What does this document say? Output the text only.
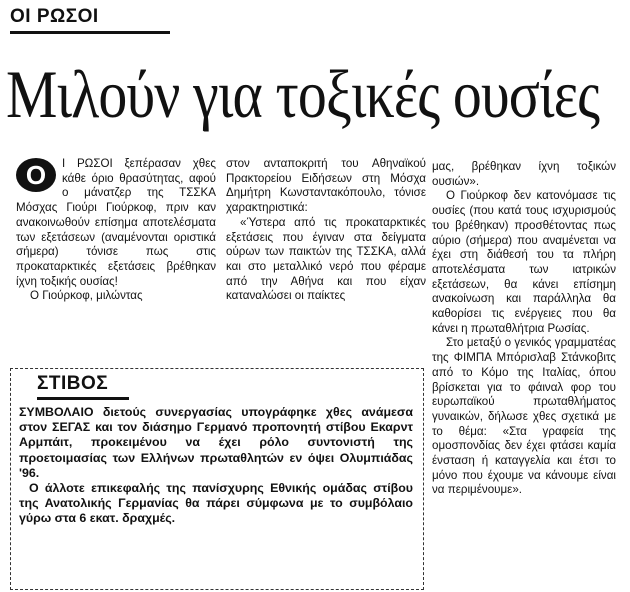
ΟΙ ΡΩΣΟΙ
Μιλούν για τοξικές ουσίες

Ο	Ι ΡΩΣΟΙ ξεπέρασαν χθες κάθε όριο θρασύτητας, αφού ο μάνατζερ της ΤΣΣΚΑ Μόσχας Γιούρι Γιούρκοφ, πριν καν ανακοινωθούν επίσημα αποτελέσματα των εξετάσεων (αναμένονται οριστικά σήμερα) τόνισε πως στις προκαταρκτικές εξετάσεις βρέθηκαν ίχνη τοξικής ουσίας!

Ο Γιούρκοφ, μιλώντας

στον ανταποκριτή του Αθηναϊκού Πρακτορείου Ειδήσεων στη Μόσχα Δημήτρη Κωνσταντακόπουλο, τόνισε χαρακτηριστικά:

«Ύστερα από τις προκαταρκτικές εξετάσεις που έγιναν στα δείγματα ούρων των παικτών της ΤΣΣΚΑ, αλλά και στο μεταλλικό νερό που φέραμε από την Αθήνα και που είχαν καταναλώσει οι παίκτες

μας, βρέθηκαν ίχνη τοξικών ουσιών».

Ο Γιούρκοφ δεν κατονόμασε τις ουσίες (που κατά τους ισχυρισμούς του βρέθηκαν) προσθέτοντας πως αύριο (σήμερα) που αναμένεται να έχει στη διάθεσή του τα πλήρη αποτελέσματα των ιατρικών εξετάσεων, θα κάνει επίσημη ανακοίνωση και παράλληλα θα καθορίσει τις ενέργειες που θα κάνει η πρωταθλήτρια Ρωσίας.

Στο μεταξύ ο γενικός γραμματέας της ΦΙΜΠΑ Μπόρισλαβ Στάνκοβιτς από το Κόμο της Ιταλίας, όπου βρίσκεται για το φάιναλ φορ του ευρωπαϊκού πρωταθλήματος γυναικών, δήλωσε χθες σχετικά με το θέμα: «Στα γραφεία της ομοσπονδίας δεν έχει φτάσει καμία ένσταση ή καταγγελία και έτσι το μόνο που έχουμε να κάνουμε είναι να περιμένουμε».

ΣΤΙΒΟΣ

ΣΥΜΒΟΛΑΙΟ διετούς συνεργασίας υπογράφηκε χθες ανάμεσα στον ΣΕΓΑΣ και τον διάσημο Γερμανό προπονητή στίβου Εκαρντ Αρμπάιτ, προκειμένου να έχει ρόλο συντονιστή της προετοιμασίας των Ελλήνων πρωταθλητών εν όψει Ολυμπιάδας '96.

Ο άλλοτε επικεφαλής της πανίσχυρης Εθνικής ομάδας στίβου της Ανατολικής Γερμανίας θα πάρει σύμφωνα με το συμβόλαιο γύρω στα 6 εκατ. δραχμές.
